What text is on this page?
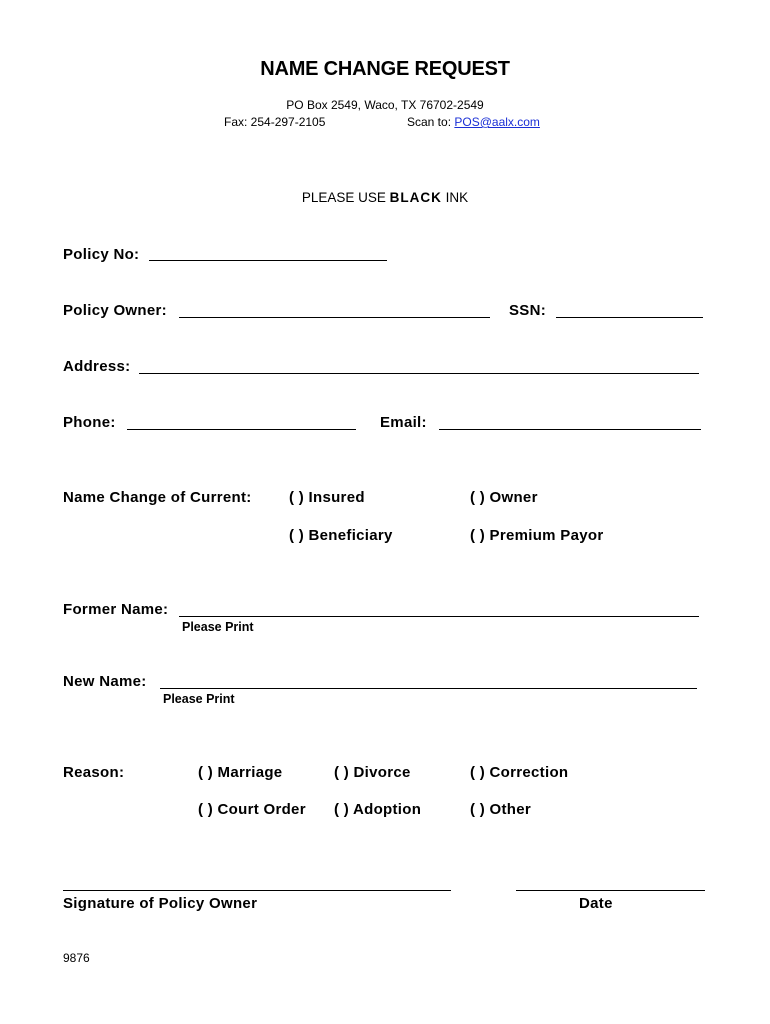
NAME CHANGE REQUEST
PO Box 2549, Waco, TX 76702-2549
Fax: 254-297-2105	Scan to: POS@aalx.com
PLEASE USE BLACK INK
Policy No:
Policy Owner:	SSN:
Address:
Phone:	Email:
Name Change of Current: ( ) Insured	( ) Owner
( ) Beneficiary	( ) Premium Payor
Former Name:
Please Print
New Name:
Please Print
Reason:	( ) Marriage	( ) Divorce	( ) Correction
( ) Court Order ( ) Adoption	( ) Other
Signature of Policy Owner	Date
9876
